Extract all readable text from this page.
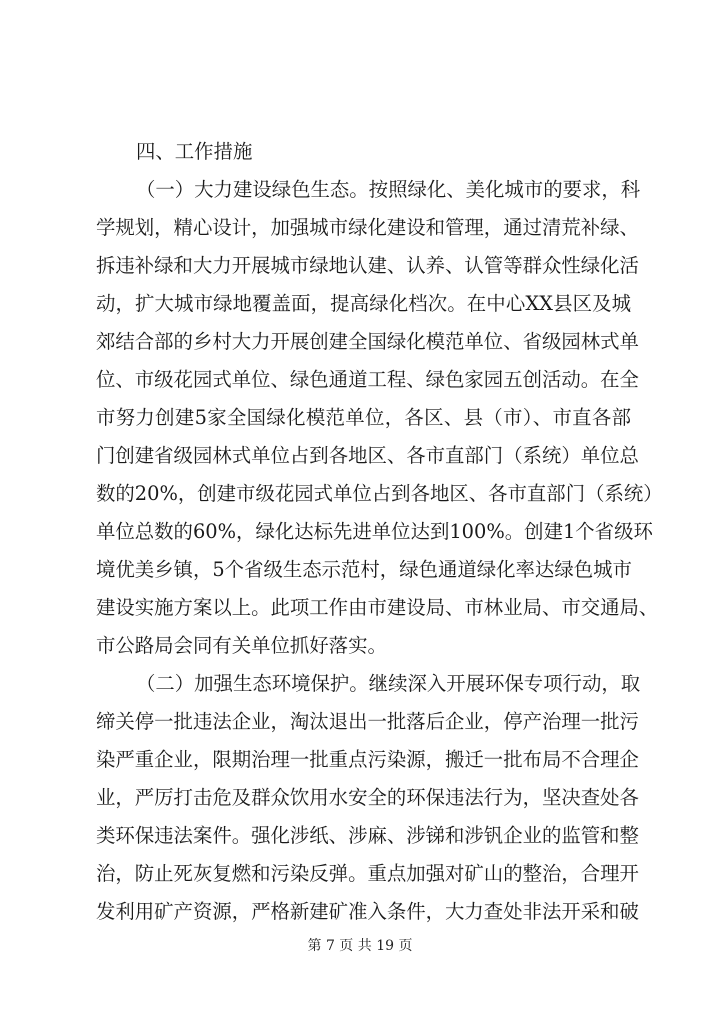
四、工作措施
（一）大力建设绿色生态。按照绿化、美化城市的要求，科
学规划，精心设计，加强城市绿化建设和管理，通过清荒补绿、
拆违补绿和大力开展城市绿地认建、认养、认管等群众性绿化活
动，扩大城市绿地覆盖面，提高绿化档次。在中心XX县区及城
郊结合部的乡村大力开展创建全国绿化模范单位、省级园林式单
位、市级花园式单位、绿色通道工程、绿色家园五创活动。在全
市努力创建5家全国绿化模范单位，各区、县（市）、市直各部
门创建省级园林式单位占到各地区、各市直部门（系统）单位总
数的20%，创建市级花园式单位占到各地区、各市直部门（系统）
单位总数的60%，绿化达标先进单位达到100%。创建1个省级环
境优美乡镇，5个省级生态示范村，绿色通道绿化率达绿色城市
建设实施方案以上。此项工作由市建设局、市林业局、市交通局、
市公路局会同有关单位抓好落实。
（二）加强生态环境保护。继续深入开展环保专项行动，取
缔关停一批违法企业，淘汰退出一批落后企业，停产治理一批污
染严重企业，限期治理一批重点污染源，搬迁一批布局不合理企
业，严厉打击危及群众饮用水安全的环保违法行为，坚决查处各
类环保违法案件。强化涉纸、涉麻、涉锑和涉钒企业的监管和整
治，防止死灰复燃和污染反弹。重点加强对矿山的整治，合理开
发利用矿产资源，严格新建矿准入条件，大力查处非法开采和破
第 7 页 共 19 页
